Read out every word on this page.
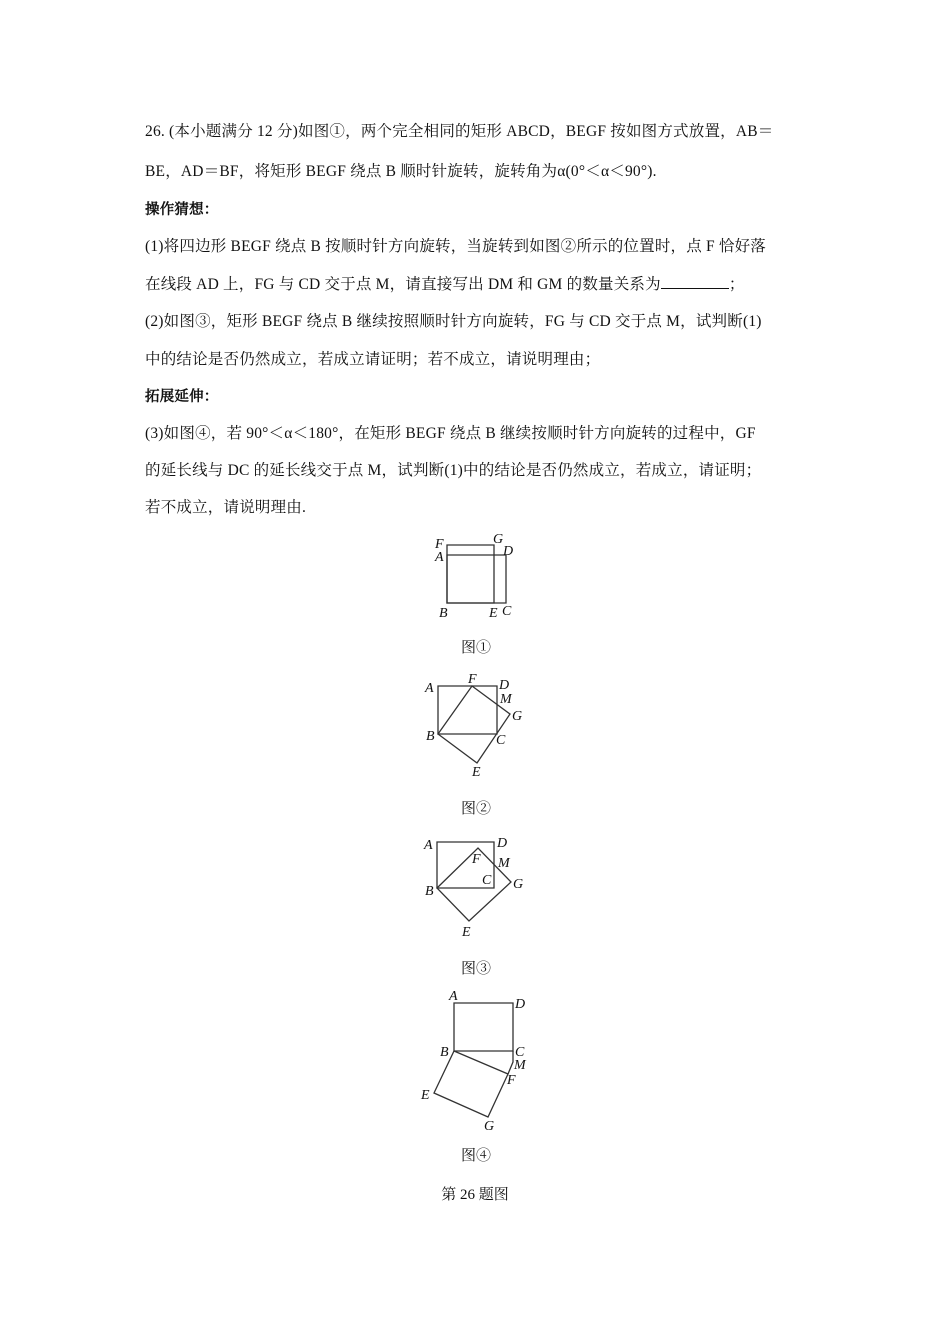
26. (本小题满分 12 分)如图①，两个完全相同的矩形 ABCD，BEGF 按如图方式放置，AB＝
BE，AD＝BF，将矩形 BEGF 绕点 B 顺时针旋转，旋转角为α(0°＜α＜90°).
操作猜想：
(1)将四边形 BEGF 绕点 B 按顺时针方向旋转，当旋转到如图②所示的位置时，点 F 恰好落
在线段 AD 上，FG 与 CD 交于点 M，请直接写出 DM 和 GM 的数量关系为	；
(2)如图③，矩形 BEGF 绕点 B 继续按照顺时针方向旋转，FG 与 CD 交于点 M，试判断(1)
中的结论是否仍然成立，若成立请证明；若不成立，请说明理由；
拓展延伸：
(3)如图④，若 90°＜α＜180°，在矩形 BEGF 绕点 B 继续按顺时针方向旋转的过程中，GF
的延长线与 DC 的延长线交于点 M，试判断(1)中的结论是否仍然成立，若成立，请证明；
若不成立，请说明理由.
F
A
G
D
B	E C
图①
A
F D
M
G
B	C
E
图②
A	D
F M
C G
B
E
图③
A
D
B	C
M
F
E
G
图④
第 26 题图
